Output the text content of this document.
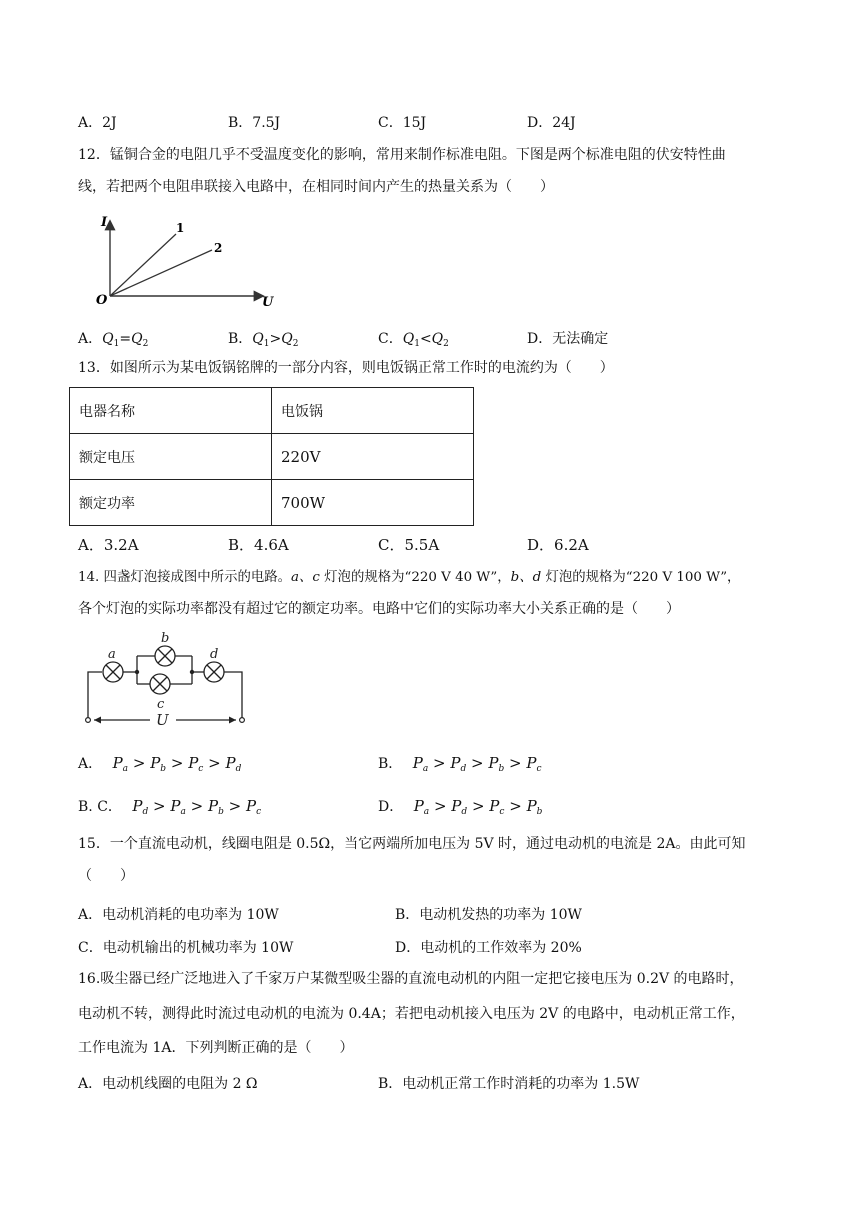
A．2J	B．7.5J	C．15J	D．24J
12．锰铜合金的电阻几乎不受温度变化的影响，常用来制作标准电阻。下图是两个标准电阻的伏安特性曲
线，若把两个电阻串联接入电路中，在相同时间内产生的热量关系为（　　）
I
U
O
1
2
A．$Q_1=Q_2$	B．$Q_1>Q_2$	C．$Q_1<Q_2$	D．无法确定
13．如图所示为某电饭锅铭牌的一部分内容，则电饭锅正常工作时的电流约为（　　）
电器名称	电饭锅
额定电压	220V
额定功率	700W
A．3.2A	B．4.6A	C．5.5A	D．6.2A
14. 四盏灯泡接成图中所示的电路。a、c 灯泡的规格为“220 V 40 W”，b、d 灯泡的规格为“220 V 100 W”，
各个灯泡的实际功率都没有超过它的额定功率。电路中它们的实际功率大小关系正确的是（　　）
a
b
c
d
U
A． $P_a > P_b > P_c > P_d$	B． $P_a > P_d > P_b > P_c$
B. C． $P_d > P_a > P_b > P_c$	D． $P_a > P_d > P_c > P_b$
15．一个直流电动机，线圈电阻是 0.5Ω，当它两端所加电压为 5V 时，通过电动机的电流是 2A。由此可知
（　　）
A．电动机消耗的电功率为 10W	B．电动机发热的功率为 10W
C．电动机输出的机械功率为 10W	D．电动机的工作效率为 20%
16.吸尘器已经广泛地进入了千家万户某微型吸尘器的直流电动机的内阻一定把它接电压为 0.2V 的电路时，
电动机不转，测得此时流过电动机的电流为 0.4A；若把电动机接入电压为 2V 的电路中，电动机正常工作，
工作电流为 1A．下列判断正确的是（　　）
A．电动机线圈的电阻为 2 Ω	B．电动机正常工作时消耗的功率为 1.5W
